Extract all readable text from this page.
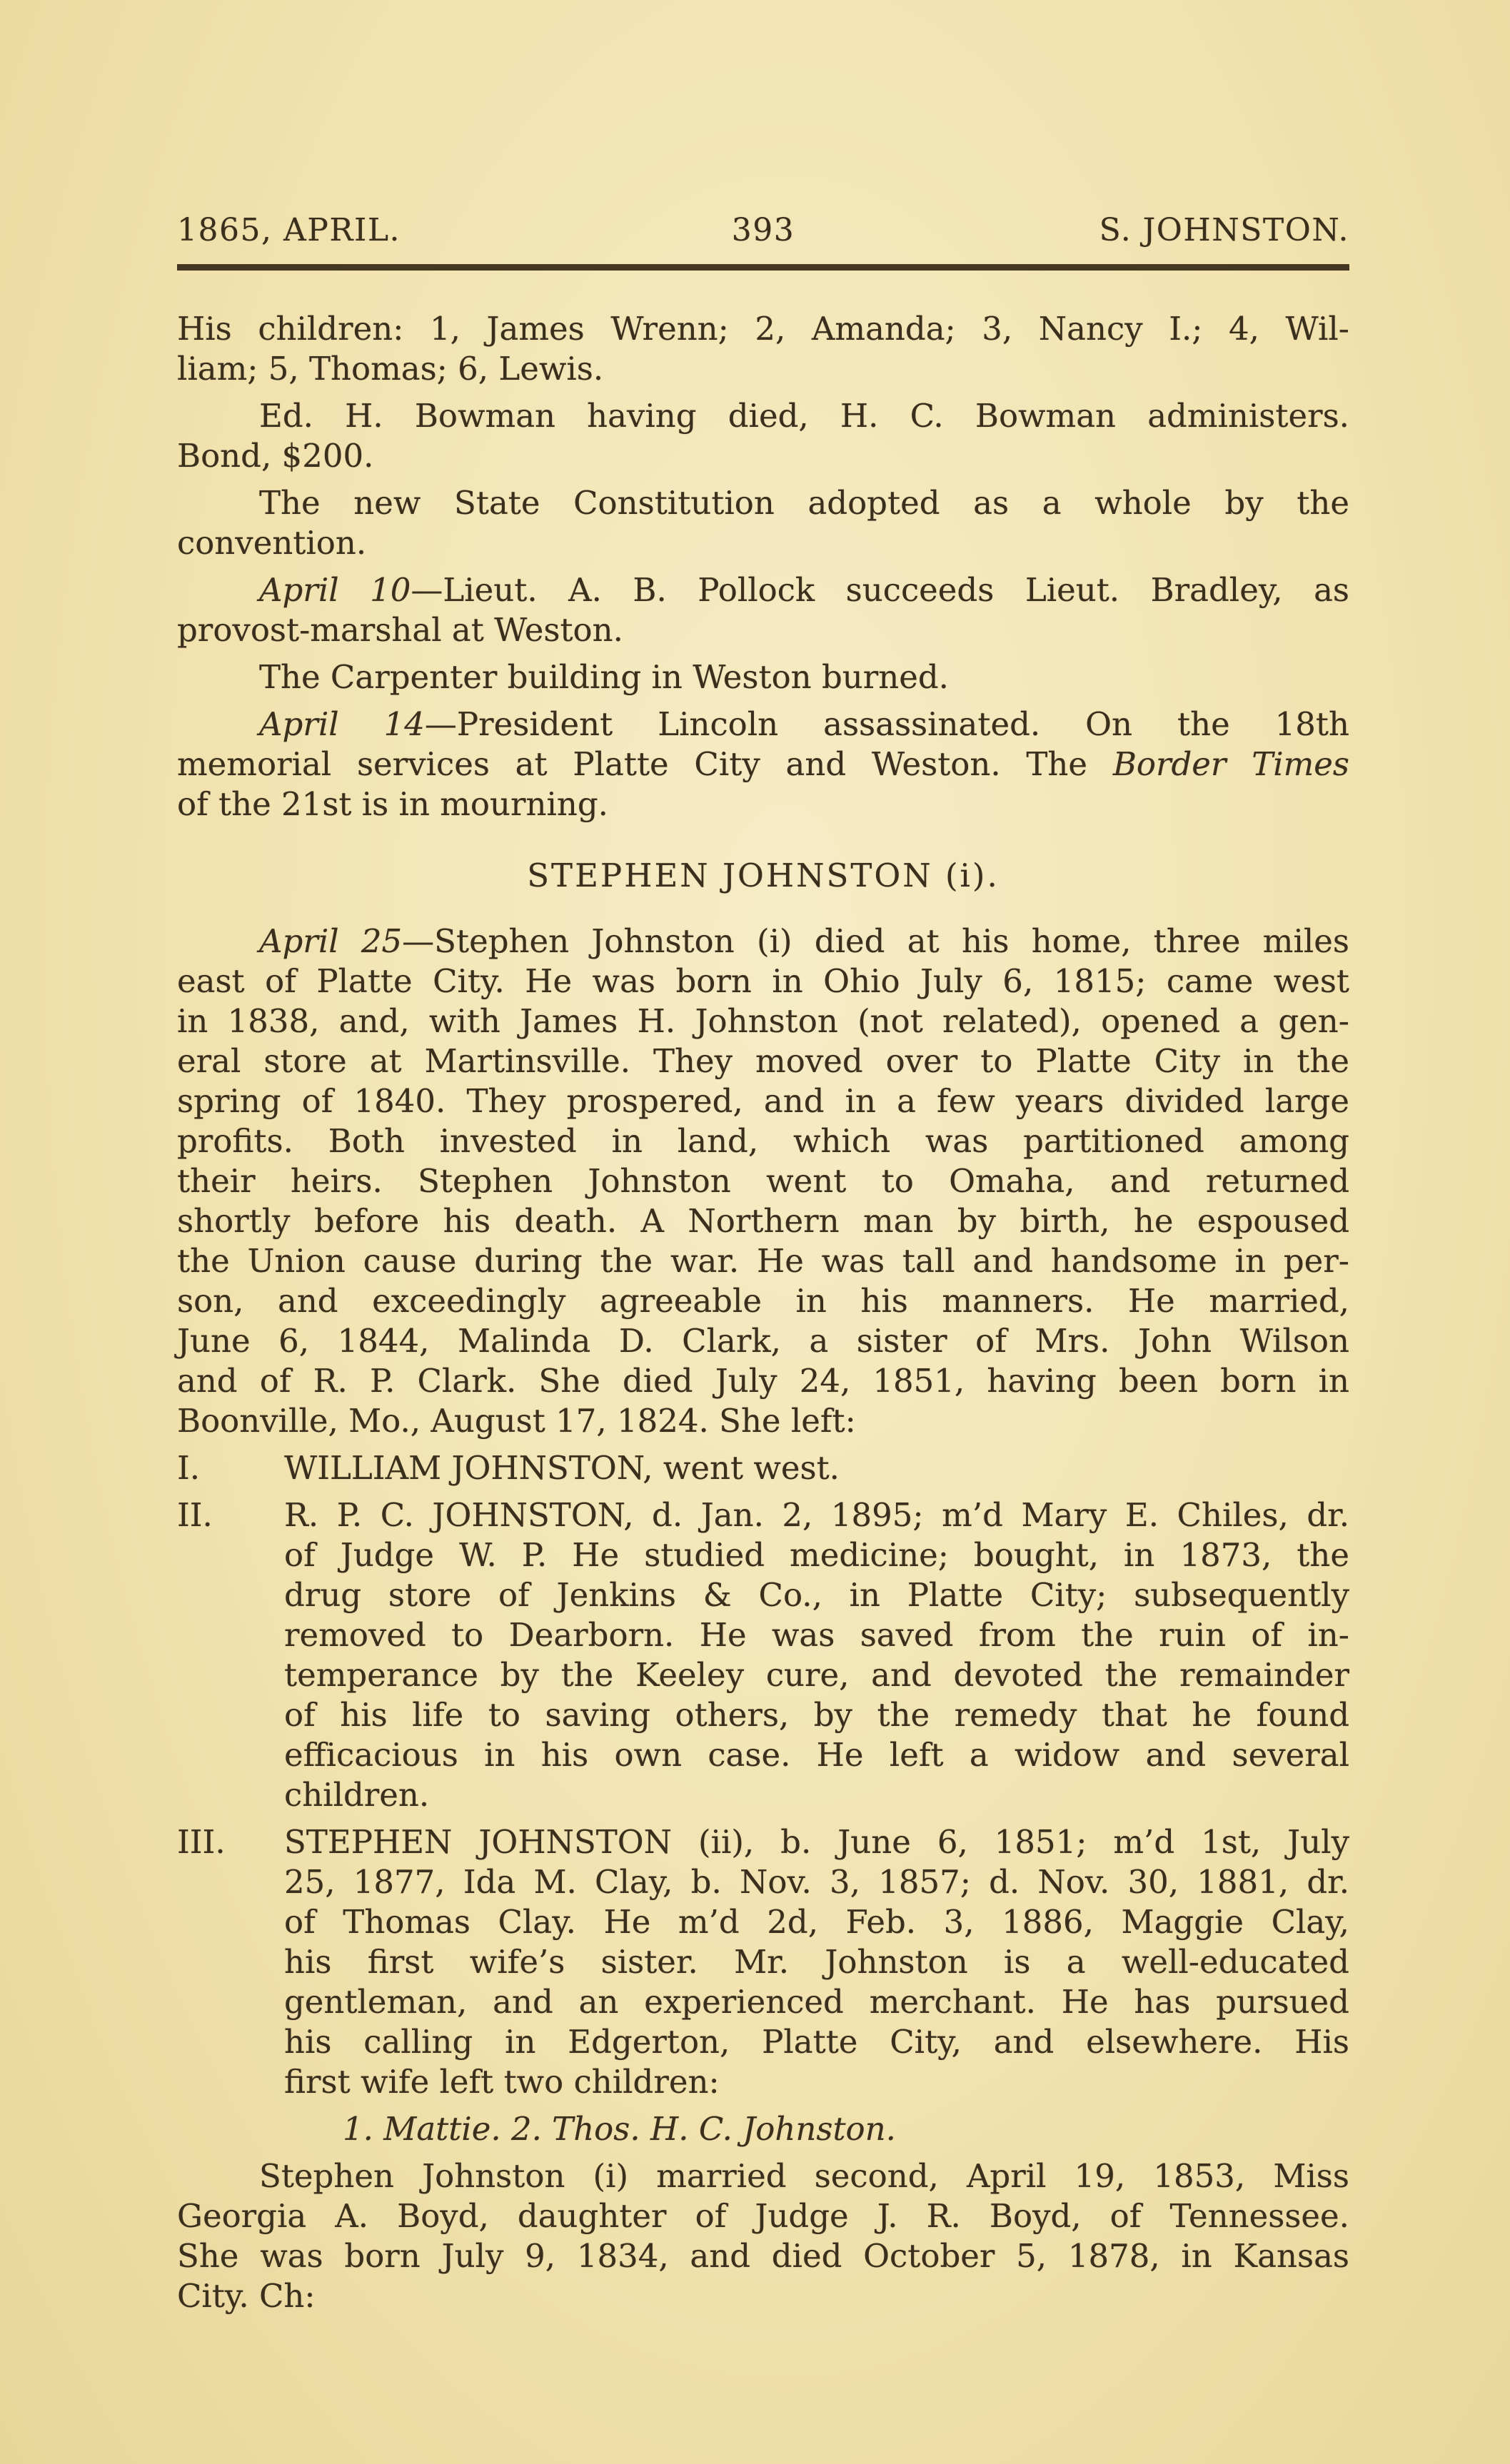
1865, APRIL.	393	S. JOHNSTON.
His children: 1, James Wrenn; 2, Amanda; 3, Nancy I.; 4, Wil-
liam; 5, Thomas; 6, Lewis.
Ed. H. Bowman having died, H. C. Bowman administers.
Bond, $200.
The new State Constitution adopted as a whole by the
convention.
April 10—Lieut. A. B. Pollock succeeds Lieut. Bradley, as
provost-marshal at Weston.
The Carpenter building in Weston burned.
April 14—President Lincoln assassinated. On the 18th
memorial services at Platte City and Weston. The Border Times
of the 21st is in mourning.
STEPHEN JOHNSTON (i).
April 25—Stephen Johnston (i) died at his home, three miles
east of Platte City. He was born in Ohio July 6, 1815; came west
in 1838, and, with James H. Johnston (not related), opened a gen-
eral store at Martinsville. They moved over to Platte City in the
spring of 1840. They prospered, and in a few years divided large
profits. Both invested in land, which was partitioned among
their heirs. Stephen Johnston went to Omaha, and returned
shortly before his death. A Northern man by birth, he espoused
the Union cause during the war. He was tall and handsome in per-
son, and exceedingly agreeable in his manners. He married,
June 6, 1844, Malinda D. Clark, a sister of Mrs. John Wilson
and of R. P. Clark. She died July 24, 1851, having been born in
Boonville, Mo., August 17, 1824. She left:
I.	WILLIAM JOHNSTON, went west.
II. R. P. C. JOHNSTON, d. Jan. 2, 1895; m’d Mary E. Chiles, dr.
of Judge W. P. He studied medicine; bought, in 1873, the
drug store of Jenkins & Co., in Platte City; subsequently
removed to Dearborn. He was saved from the ruin of in-
temperance by the Keeley cure, and devoted the remainder
of his life to saving others, by the remedy that he found
efficacious in his own case. He left a widow and several
children.
III. STEPHEN JOHNSTON (ii), b. June 6, 1851; m’d 1st, July
25, 1877, Ida M. Clay, b. Nov. 3, 1857; d. Nov. 30, 1881, dr.
of Thomas Clay. He m’d 2d, Feb. 3, 1886, Maggie Clay,
his first wife’s sister. Mr. Johnston is a well-educated
gentleman, and an experienced merchant. He has pursued
his calling in Edgerton, Platte City, and elsewhere. His
first wife left two children:
1. Mattie. 2. Thos. H. C. Johnston.
Stephen Johnston (i) married second, April 19, 1853, Miss
Georgia A. Boyd, daughter of Judge J. R. Boyd, of Tennessee.
She was born July 9, 1834, and died October 5, 1878, in Kansas
City. Ch:
